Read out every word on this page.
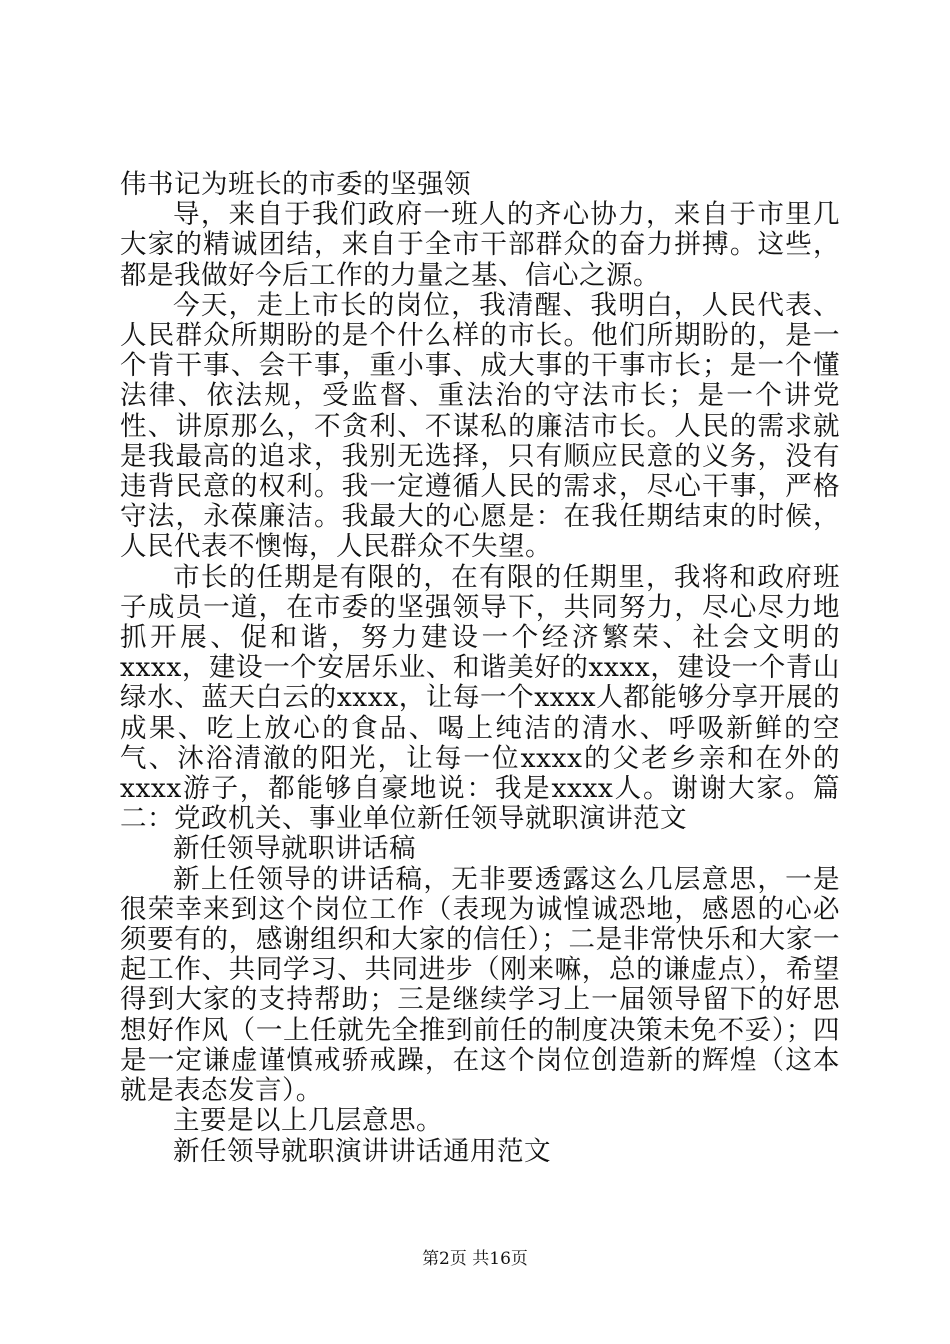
伟书记为班长的市委的坚强领

导，来自于我们政府一班人的齐心协力，来自于市里几大家的精诚团结，来自于全市干部群众的奋力拼搏。这些，都是我做好今后工作的力量之基、信心之源。

今天，走上市长的岗位，我清醒、我明白，人民代表、人民群众所期盼的是个什么样的市长。他们所期盼的，是一个肯干事、会干事，重小事、成大事的干事市长；是一个懂法律、依法规，受监督、重法治的守法市长；是一个讲党性、讲原那么，不贪利、不谋私的廉洁市长。人民的需求就是我最高的追求，我别无选择，只有顺应民意的义务，没有违背民意的权利。我一定遵循人民的需求，尽心干事，严格守法，永葆廉洁。我最大的心愿是：在我任期结束的时候，人民代表不懊悔，人民群众不失望。

市长的任期是有限的，在有限的任期里，我将和政府班子成员一道，在市委的坚强领导下，共同努力，尽心尽力地抓开展、促和谐，努力建设一个经济繁荣、社会文明的xxxx，建设一个安居乐业、和谐美好的xxxx，建设一个青山绿水、蓝天白云的xxxx，让每一个xxxx人都能够分享开展的成果、吃上放心的食品、喝上纯洁的清水、呼吸新鲜的空气、沐浴清澈的阳光，让每一位xxxx的父老乡亲和在外的xxxx游子，都能够自豪地说：我是xxxx人。谢谢大家。篇二：党政机关、事业单位新任领导就职演讲范文

新任领导就职讲话稿

新上任领导的讲话稿，无非要透露这么几层意思，一是很荣幸来到这个岗位工作（表现为诚惶诚恐地，感恩的心必须要有的，感谢组织和大家的信任）；二是非常快乐和大家一起工作、共同学习、共同进步（刚来嘛，总的谦虚点），希望得到大家的支持帮助；三是继续学习上一届领导留下的好思想好作风（一上任就先全推到前任的制度决策未免不妥）；四是一定谦虚谨慎戒骄戒躁，在这个岗位创造新的辉煌（这本就是表态发言）。

主要是以上几层意思。

新任领导就职演讲讲话通用范文

第2页 共16页
